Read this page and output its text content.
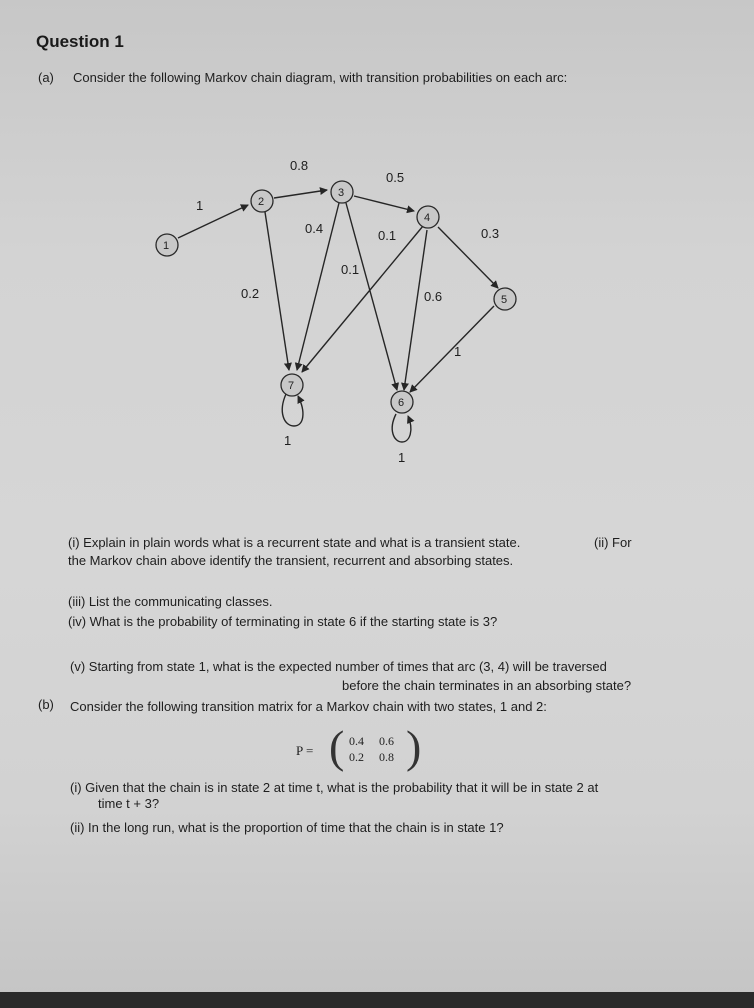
Question 1
(a) Consider the following Markov chain diagram, with transition probabilities on each arc:
1
2
3
4
5
6
7
1
0.8
0.5
0.4	0.1	0.3
0.1
0.2	0.6
1
1
1
(i) Explain in plain words what is a recurrent state and what is a transient state.	(ii) For
the Markov chain above identify the transient, recurrent and absorbing states.
(iii) List the communicating classes.
(iv) What is the probability of terminating in state 6 if the starting state is 3?
(v) Starting from state 1, what is the expected number of times that arc (3, 4) will be traversed
before the chain terminates in an absorbing state?
(b) Consider the following transition matrix for a Markov chain with two states, 1 and 2:
P = ( 0.4 0.6
0.2 0.8 )
(i) Given that the chain is in state 2 at time t, what is the probability that it will be in state 2 at
time t + 3?
(ii) In the long run, what is the proportion of time that the chain is in state 1?
